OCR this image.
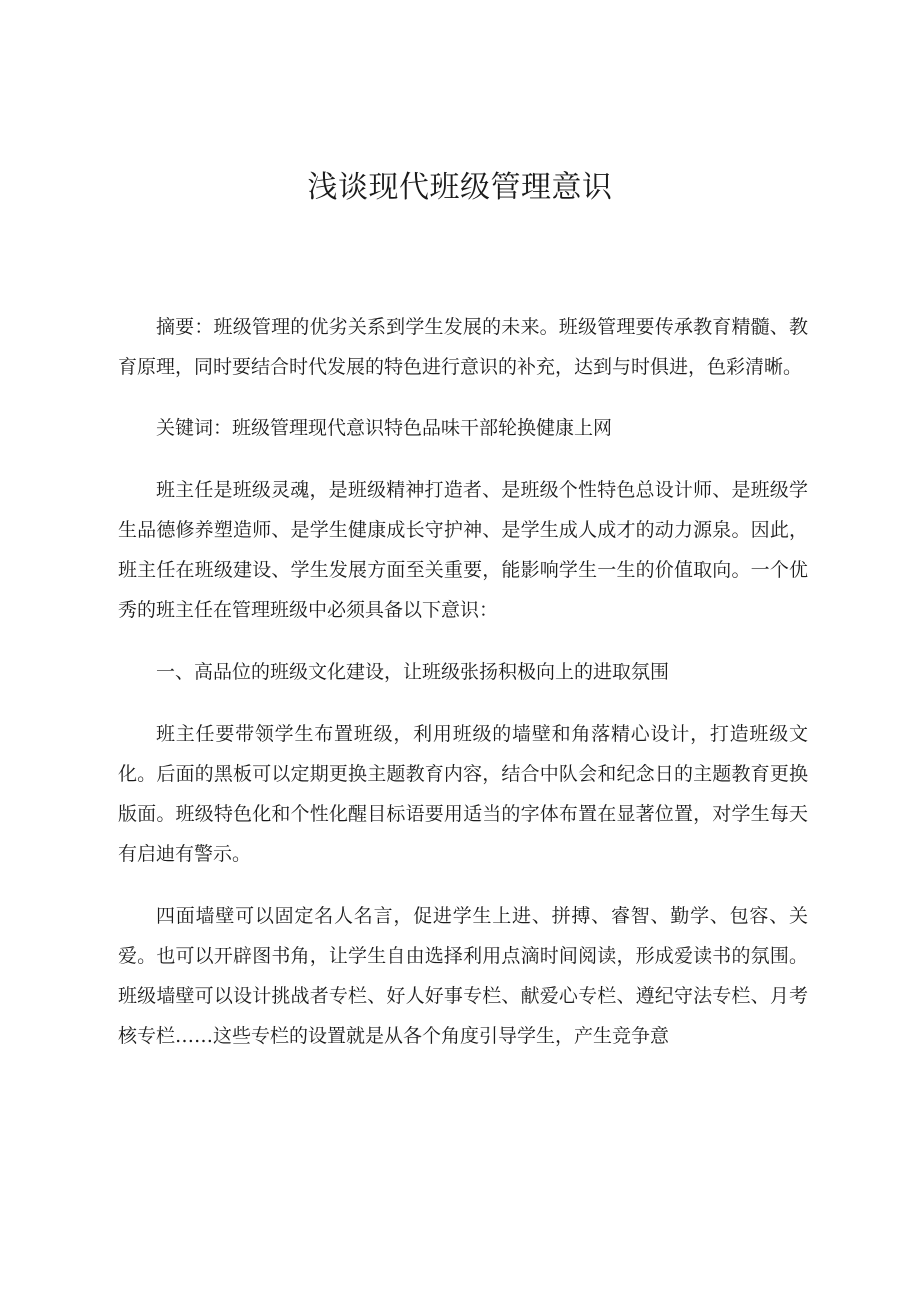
浅谈现代班级管理意识

摘要：班级管理的优劣关系到学生发展的未来。班级管理要传承教育精髓、教育原理，同时要结合时代发展的特色进行意识的补充，达到与时俱进，色彩清晰。

关键词：班级管理现代意识特色品味干部轮换健康上网

班主任是班级灵魂，是班级精神打造者、是班级个性特色总设计师、是班级学生品德修养塑造师、是学生健康成长守护神、是学生成人成才的动力源泉。因此，班主任在班级建设、学生发展方面至关重要，能影响学生一生的价值取向。一个优秀的班主任在管理班级中必须具备以下意识：

一、高品位的班级文化建设，让班级张扬积极向上的进取氛围

班主任要带领学生布置班级，利用班级的墙壁和角落精心设计，打造班级文化。后面的黑板可以定期更换主题教育内容，结合中队会和纪念日的主题教育更换版面。班级特色化和个性化醒目标语要用适当的字体布置在显著位置，对学生每天有启迪有警示。

四面墙壁可以固定名人名言，促进学生上进、拼搏、睿智、勤学、包容、关爱。也可以开辟图书角，让学生自由选择利用点滴时间阅读，形成爱读书的氛围。班级墙壁可以设计挑战者专栏、好人好事专栏、献爱心专栏、遵纪守法专栏、月考核专栏……这些专栏的设置就是从各个角度引导学生，产生竞争意
